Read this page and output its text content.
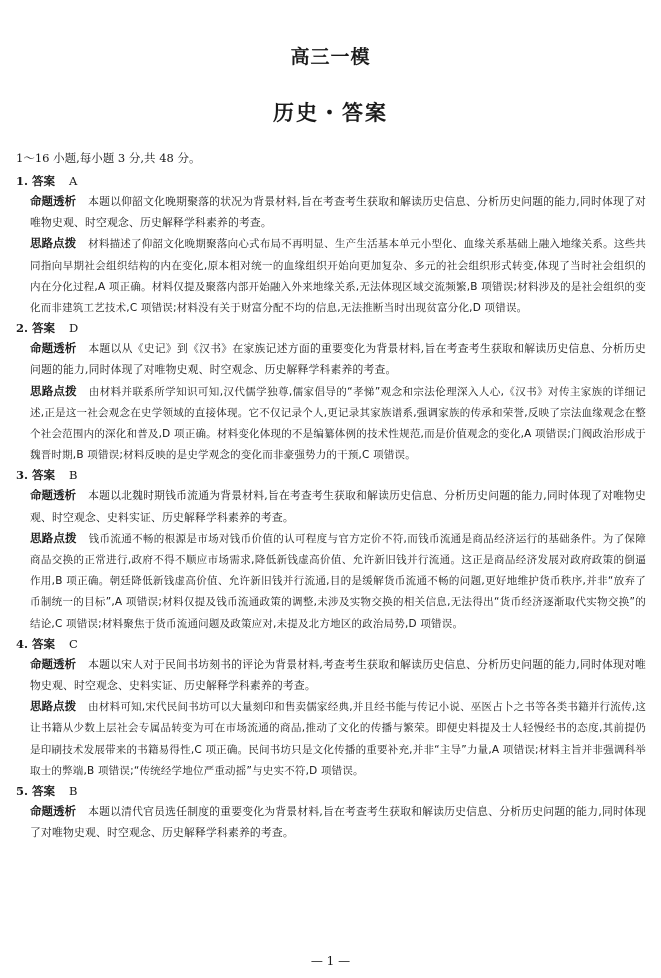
高三一模
历史・答案
1～16 小题,每小题 3 分,共 48 分。
1. 答案 A

命题透析 本题以仰韶文化晚期聚落的状况为背景材料,旨在考查考生获取和解读历史信息、分析历史问题的能力,同时体现了对唯物史观、时空观念、历史解释学科素养的考查。

思路点拨 材料描述了仰韶文化晚期聚落向心式布局不再明显、生产生活基本单元小型化、血缘关系基础上融入地缘关系。这些共同指向早期社会组织结构的内在变化,原本相对统一的血缘组织开始向更加复杂、多元的社会组织形式转变,体现了当时社会组织的内在分化过程,A 项正确。材料仅提及聚落内部开始融入外来地缘关系,无法体现区域交流频繁,B 项错误;材料涉及的是社会组织的变化而非建筑工艺技术,C 项错误;材料没有关于财富分配不均的信息,无法推断当时出现贫富分化,D 项错误。

2. 答案 D

命题透析 本题以从《史记》到《汉书》在家族记述方面的重要变化为背景材料,旨在考查考生获取和解读历史信息、分析历史问题的能力,同时体现了对唯物史观、时空观念、历史解释学科素养的考查。

思路点拨 由材料并联系所学知识可知,汉代儒学独尊,儒家倡导的“孝悌”观念和宗法伦理深入人心,《汉书》对传主家族的详细记述,正是这一社会观念在史学领域的直接体现。它不仅记录个人,更记录其家族谱系,强调家族的传承和荣誉,反映了宗法血缘观念在整个社会范围内的深化和普及,D 项正确。材料变化体现的不是编纂体例的技术性规范,而是价值观念的变化,A 项错误;门阀政治形成于魏晋时期,B 项错误;材料反映的是史学观念的变化而非豪强势力的干预,C 项错误。

3. 答案 B

命题透析 本题以北魏时期钱币流通为背景材料,旨在考查考生获取和解读历史信息、分析历史问题的能力,同时体现了对唯物史观、时空观念、史料实证、历史解释学科素养的考查。

思路点拨 钱币流通不畅的根源是市场对钱币价值的认可程度与官方定价不符,而钱币流通是商品经济运行的基础条件。为了保障商品交换的正常进行,政府不得不顺应市场需求,降低新钱虚高价值、允许新旧钱并行流通。这正是商品经济发展对政府政策的倒逼作用,B 项正确。朝廷降低新钱虚高价值、允许新旧钱并行流通,目的是缓解货币流通不畅的问题,更好地维护货币秩序,并非“放弃了币制统一的目标”,A 项错误;材料仅提及钱币流通政策的调整,未涉及实物交换的相关信息,无法得出“货币经济逐渐取代实物交换”的结论,C 项错误;材料聚焦于货币流通问题及政策应对,未提及北方地区的政治局势,D 项错误。

4. 答案 C

命题透析 本题以宋人对于民间书坊刻书的评论为背景材料,考查考生获取和解读历史信息、分析历史问题的能力,同时体现对唯物史观、时空观念、史料实证、历史解释学科素养的考查。

思路点拨 由材料可知,宋代民间书坊可以大量刻印和售卖儒家经典,并且经书能与传记小说、巫医占卜之书等各类书籍并行流传,这让书籍从少数上层社会专属品转变为可在市场流通的商品,推动了文化的传播与繁荣。即便史料提及士人轻慢经书的态度,其前提仍是印刷技术发展带来的书籍易得性,C 项正确。民间书坊只是文化传播的重要补充,并非“主导”力量,A 项错误;材料主旨并非强调科举取士的弊端,B 项错误;“传统经学地位严重动摇”与史实不符,D 项错误。

5. 答案 B

命题透析 本题以清代官员选任制度的重要变化为背景材料,旨在考查考生获取和解读历史信息、分析历史问题的能力,同时体现了对唯物史观、时空观念、历史解释学科素养的考查。

— 1 —
